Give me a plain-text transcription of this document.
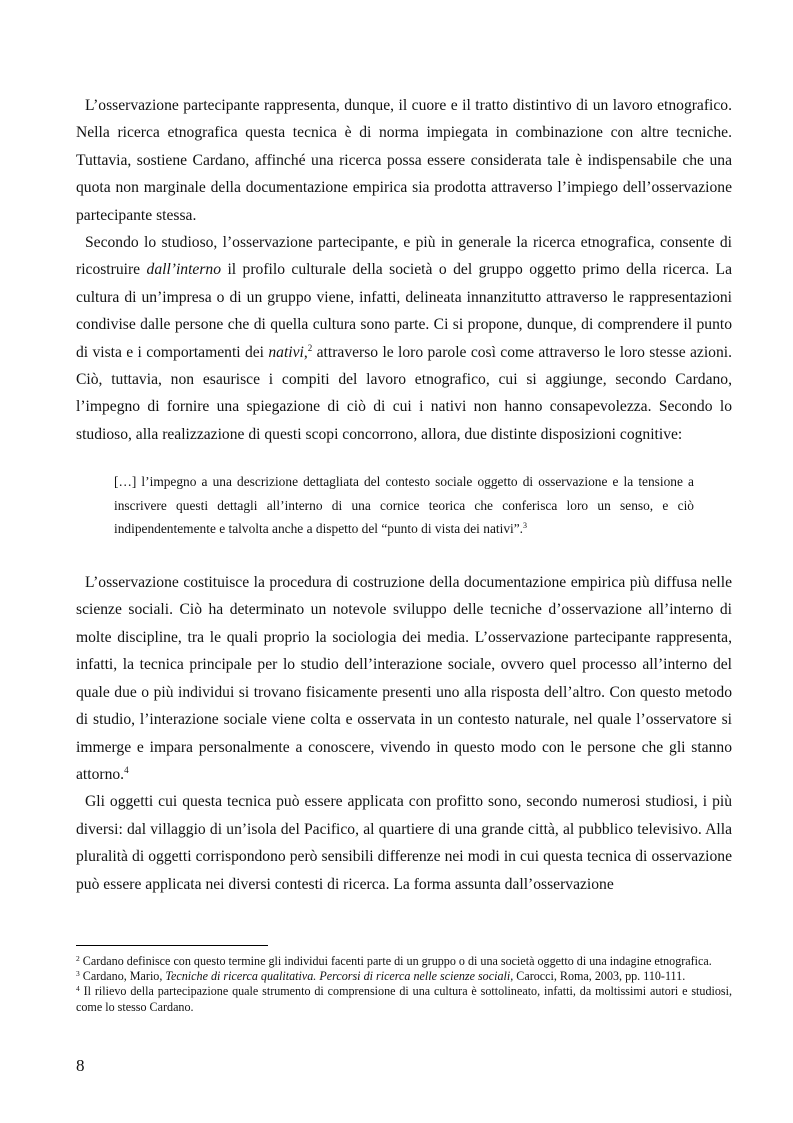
L’osservazione partecipante rappresenta, dunque, il cuore e il tratto distintivo di un lavoro etnografico. Nella ricerca etnografica questa tecnica è di norma impiegata in combinazione con altre tecniche. Tuttavia, sostiene Cardano, affinché una ricerca possa essere considerata tale è indispensabile che una quota non marginale della documentazione empirica sia prodotta attraverso l’impiego dell’osservazione partecipante stessa.

Secondo lo studioso, l’osservazione partecipante, e più in generale la ricerca etnografica, consente di ricostruire dall’interno il profilo culturale della società o del gruppo oggetto primo della ricerca. La cultura di un’impresa o di un gruppo viene, infatti, delineata innanzitutto attraverso le rappresentazioni condivise dalle persone che di quella cultura sono parte. Ci si propone, dunque, di comprendere il punto di vista e i comportamenti dei nativi,$^2$ attraverso le loro parole così come attraverso le loro stesse azioni. Ciò, tuttavia, non esaurisce i compiti del lavoro etnografico, cui si aggiunge, secondo Cardano, l’impegno di fornire una spiegazione di ciò di cui i nativi non hanno consapevolezza. Secondo lo studioso, alla realizzazione di questi scopi concorrono, allora, due distinte disposizioni cognitive:

[…] l’impegno a una descrizione dettagliata del contesto sociale oggetto di osservazione e la tensione a inscrivere questi dettagli all’interno di una cornice teorica che conferisca loro un senso, e ciò indipendentemente e talvolta anche a dispetto del “punto di vista dei nativi”.$^3$

L’osservazione costituisce la procedura di costruzione della documentazione empirica più diffusa nelle scienze sociali. Ciò ha determinato un notevole sviluppo delle tecniche d’osservazione all’interno di molte discipline, tra le quali proprio la sociologia dei media. L’osservazione partecipante rappresenta, infatti, la tecnica principale per lo studio dell’interazione sociale, ovvero quel processo all’interno del quale due o più individui si trovano fisicamente presenti uno alla risposta dell’altro. Con questo metodo di studio, l’interazione sociale viene colta e osservata in un contesto naturale, nel quale l’osservatore si immerge e impara personalmente a conoscere, vivendo in questo modo con le persone che gli stanno attorno.$^4$

Gli oggetti cui questa tecnica può essere applicata con profitto sono, secondo numerosi studiosi, i più diversi: dal villaggio di un’isola del Pacifico, al quartiere di una grande città, al pubblico televisivo. Alla pluralità di oggetti corrispondono però sensibili differenze nei modi in cui questa tecnica di osservazione può essere applicata nei diversi contesti di ricerca. La forma assunta dall’osservazione

$^2$ Cardano definisce con questo termine gli individui facenti parte di un gruppo o di una società oggetto di una indagine etnografica.

$^3$ Cardano, Mario, Tecniche di ricerca qualitativa. Percorsi di ricerca nelle scienze sociali, Carocci, Roma, 2003, pp. 110-111.

$^4$ Il rilievo della partecipazione quale strumento di comprensione di una cultura è sottolineato, infatti, da moltissimi autori e studiosi, come lo stesso Cardano.

8
